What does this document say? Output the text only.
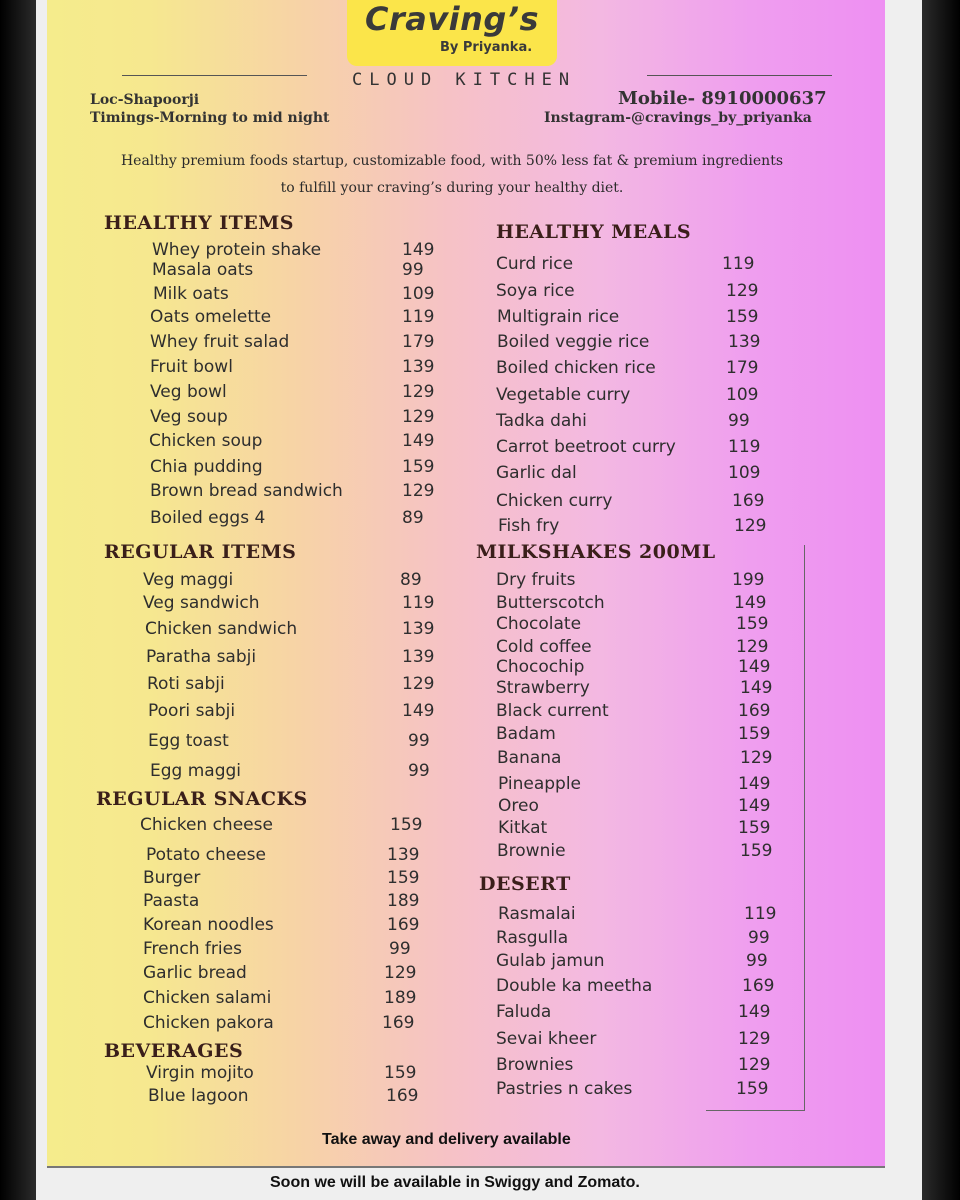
Craving’s
By Priyanka.
CLOUD KITCHEN
Loc-Shapoorji
Timings-Morning to mid night
Mobile- 8910000637
Instagram-@cravings_by_priyanka
Healthy premium foods startup, customizable food, with 50% less fat & premium ingredients
to fulfill your craving’s during your healthy diet.
HEALTHY ITEMS
Whey protein shake	149
Masala oats	99
Milk oats	109
Oats omelette	119
Whey fruit salad	179
Fruit bowl	139
Veg bowl	129
Veg soup	129
Chicken soup	149
Chia pudding	159
Brown bread sandwich	129
Boiled eggs 4	89
REGULAR ITEMS
Veg maggi	89
Veg sandwich	119
Chicken sandwich	139
Paratha sabji	139
Roti sabji	129
Poori sabji	149
Egg toast	99
Egg maggi	99
REGULAR SNACKS
Chicken cheese	159
Potato cheese	139
Burger	159
Paasta	189
Korean noodles	169
French fries	99
Garlic bread	129
Chicken salami	189
Chicken pakora	169
BEVERAGES
Virgin mojito	159
Blue lagoon	169
HEALTHY MEALS
Curd rice	119
Soya rice	129
Multigrain rice	159
Boiled veggie rice	139
Boiled chicken rice	179
Vegetable curry	109
Tadka dahi	99
Carrot beetroot curry	119
Garlic dal	109
Chicken curry	169
Fish fry	129
MILKSHAKES 200ML
Dry fruits	199
Butterscotch	149
Chocolate	159
Cold coffee	129
Chocochip	149
Strawberry	149
Black current	169
Badam	159
Banana	129
Pineapple	149
Oreo	149
Kitkat	159
Brownie	159
DESERT
Rasmalai	119
Rasgulla	99
Gulab jamun	99
Double ka meetha	169
Faluda	149
Sevai kheer	129
Brownies	129
Pastries n cakes	159
Take away and delivery available
Soon we will be available in Swiggy and Zomato.
